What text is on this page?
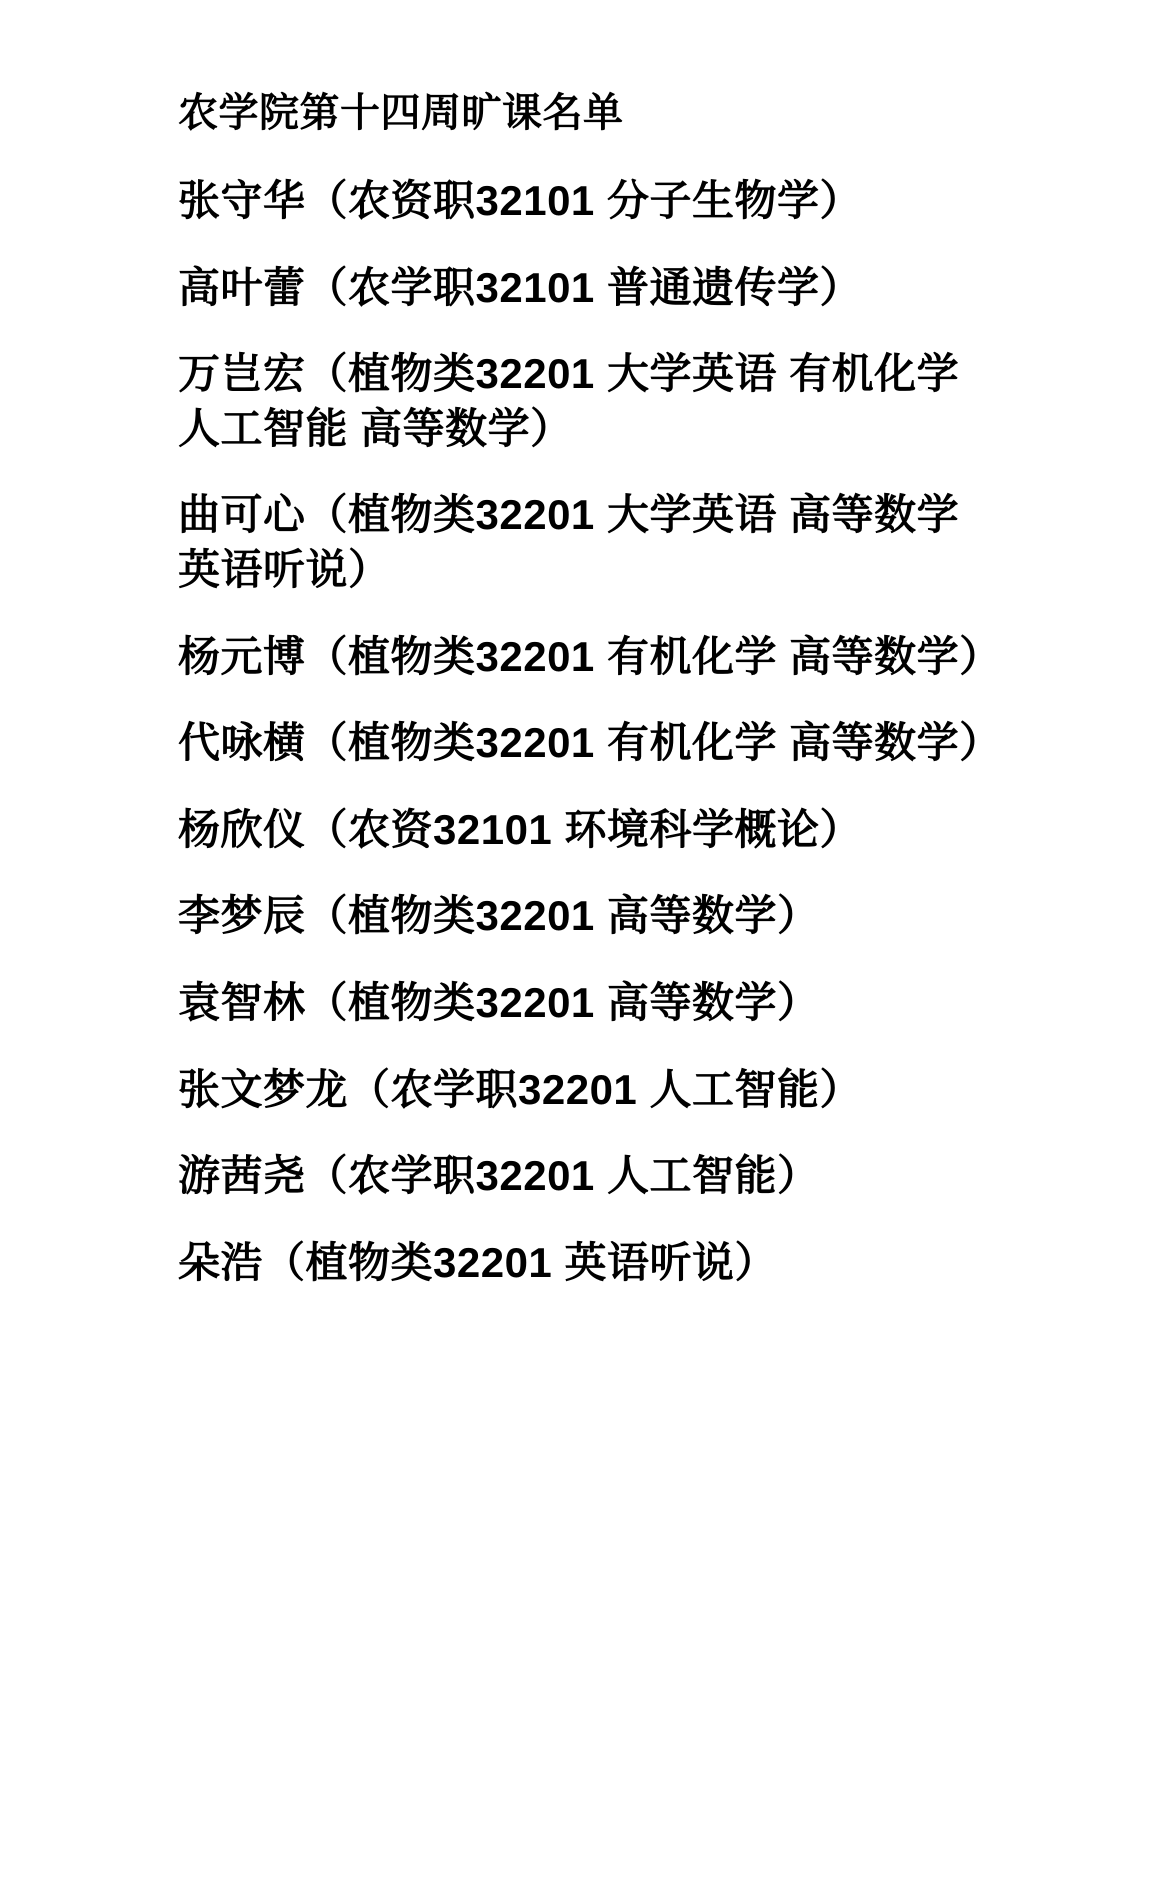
农学院第十四周旷课名单

张守华（农资职32101 分子生物学）

高叶蕾（农学职32101 普通遗传学）

万岂宏（植物类32201 大学英语 有机化学 人工智能 高等数学）

曲可心（植物类32201 大学英语 高等数学 英语听说）

杨元博（植物类32201 有机化学 高等数学）

代咏横（植物类32201 有机化学 高等数学）

杨欣仪（农资32101 环境科学概论）

李梦辰（植物类32201 高等数学）

袁智林（植物类32201 高等数学）

张文梦龙（农学职32201 人工智能）

游茜尧（农学职32201 人工智能）

朵浩（植物类32201 英语听说）
